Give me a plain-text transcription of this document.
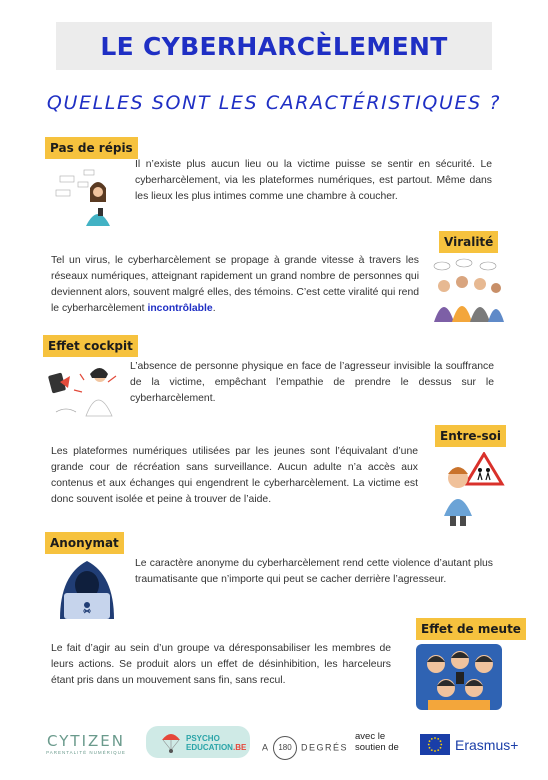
LE CYBERHARCÈLEMENT
QUELLES SONT LES CARACTÉRISTIQUES ?
Pas de répis

Il n’existe plus aucun lieu ou la victime puisse se sentir en sécurité. Le cyberharcèlement, via les plateformes numériques, est partout. Même dans les lieux les plus intimes comme une chambre à coucher.

Viralité

Tel un virus, le cyberharcèlement se propage à grande vitesse à travers les réseaux numériques, atteignant rapidement un grand nombre de personnes qui deviennent alors, souvent malgré elles, des témoins. C’est cette viralité qui rend le cyberharcèlement incontrôlable.

Effet cockpit

L’absence de personne physique en face de l’agresseur invisible la souffrance de la victime, empêchant l’empathie de prendre le dessus sur le cyberharcèlement.

Entre-soi

Les plateformes numériques utilisées par les jeunes sont l’équivalant d’une grande cour de récréation sans surveillance. Aucun adulte n’a accès aux contenus et aux échanges qui engendrent le cyberharcèlement. La victime est donc souvent isolée et peine à trouver de l’aide.

Anonymat

Le caractère anonyme du cyberharcèlement rend cette violence d’autant plus traumatisante que n’importe qui peut se cacher derrière l’agresseur.

Effet de meute

Le fait d’agir au sein d’un groupe va déresponsabiliser les membres de leurs actions. Se produit alors un effet de désinhibition, les harceleurs étant pris dans un mouvement sans fin, sans recul.

CYTIZEN
PARENTALITÉ NUMÉRIQUE
PSYCHO
EDUCATION.BE A 180 DEGRÉS
avec le
soutien de	Erasmus+
